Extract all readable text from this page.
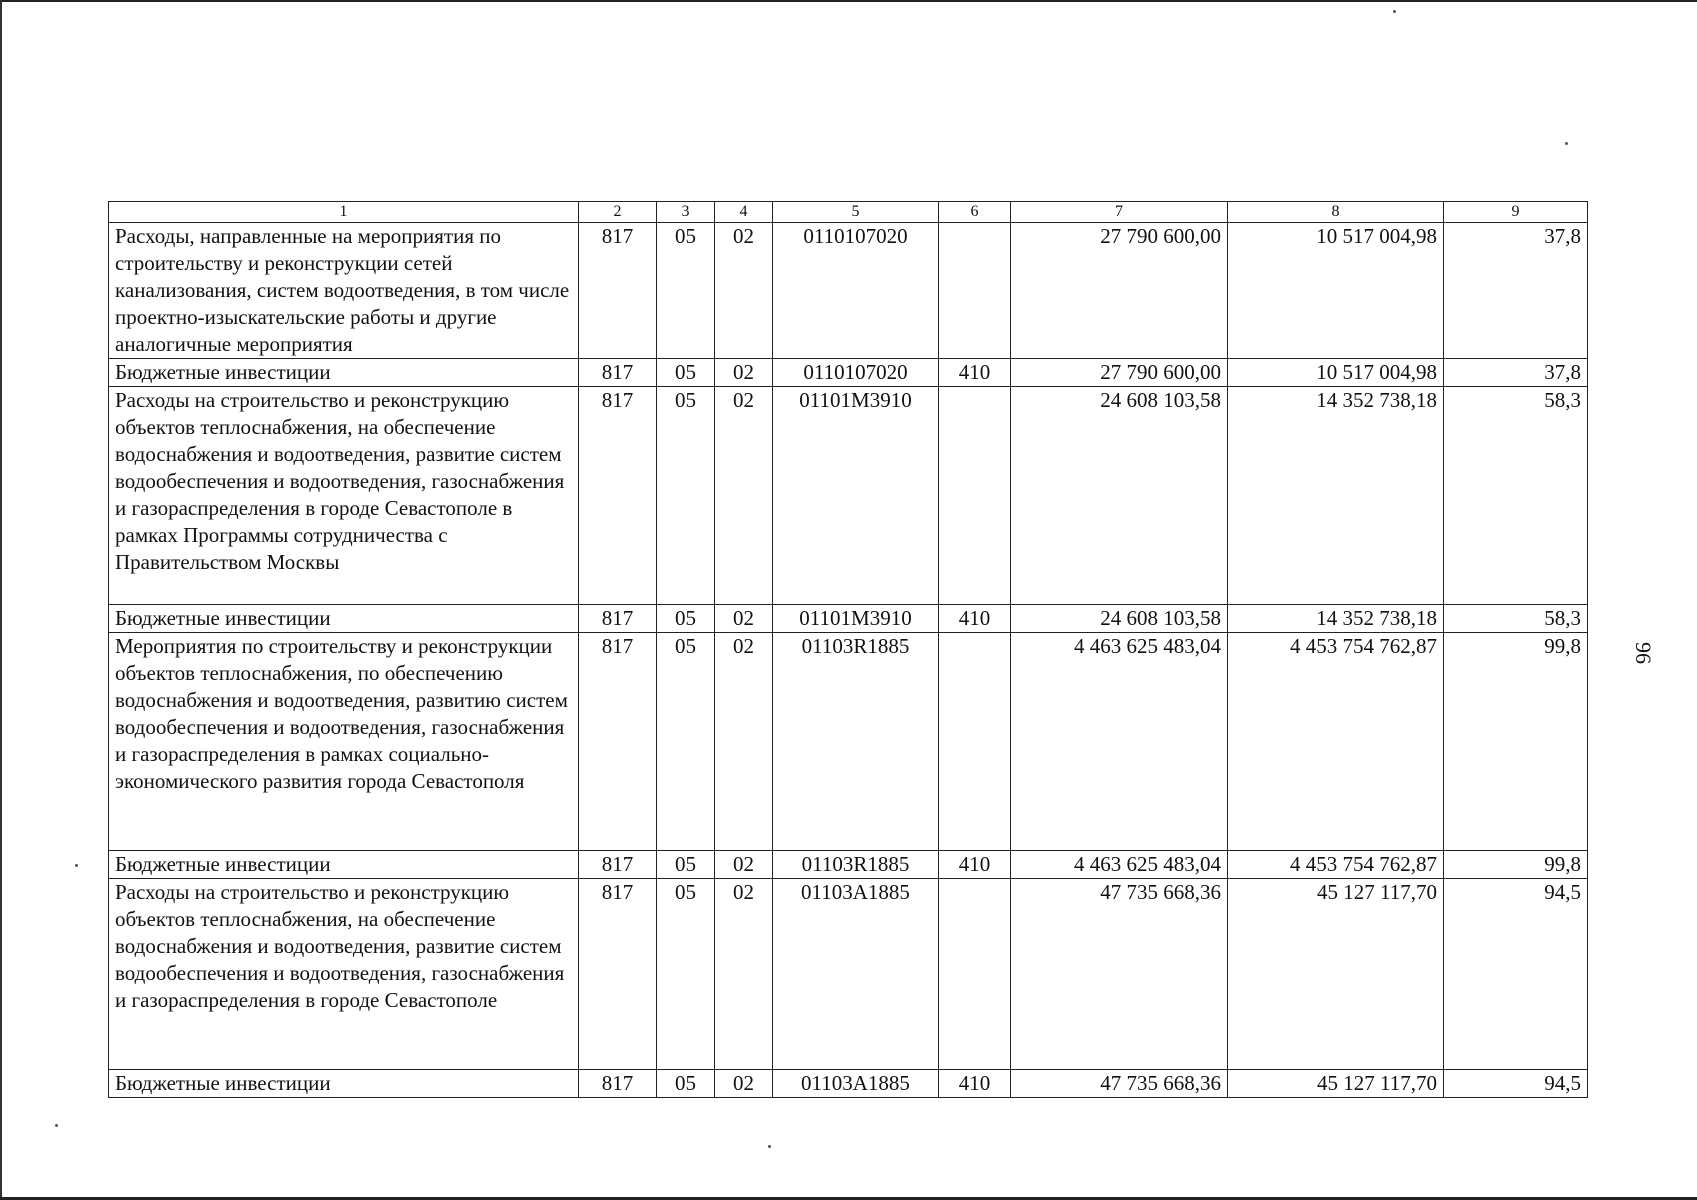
96
1	2	3	4	5	6	7	8	9
Расходы, направленные на мероприятия по строительству и реконструкции сетей канализования, систем водоотведения, в том числе проектно-изыскательские работы и другие аналогичные мероприятия	817	05	02	0110107020		27 790 600,00	10 517 004,98	37,8
Бюджетные инвестиции	817	05	02	0110107020	410	27 790 600,00	10 517 004,98	37,8
Расходы на строительство и реконструкцию объектов теплоснабжения, на обеспечение водоснабжения и водоотведения, развитие систем водообеспечения и водоотведения, газоснабжения и газораспределения в городе Севастополе в рамках Программы сотрудничества с Правительством Москвы	817	05	02	01101M3910		24 608 103,58	14 352 738,18	58,3
Бюджетные инвестиции	817	05	02	01101M3910	410	24 608 103,58	14 352 738,18	58,3
Мероприятия по строительству и реконструкции объектов теплоснабжения, по обеспечению водоснабжения и водоотведения, развитию систем водообеспечения и водоотведения, газоснабжения и газораспределения в рамках социально-экономического развития города Севастополя	817	05	02	01103R1885		4 463 625 483,04	4 453 754 762,87	99,8
Бюджетные инвестиции	817	05	02	01103R1885	410	4 463 625 483,04	4 453 754 762,87	99,8
Расходы на строительство и реконструкцию объектов теплоснабжения, на обеспечение водоснабжения и водоотведения, развитие систем водообеспечения и водоотведения, газоснабжения и газораспределения в городе Севастополе	817	05	02	01103A1885		47 735 668,36	45 127 117,70	94,5
Бюджетные инвестиции	817	05	02	01103A1885	410	47 735 668,36	45 127 117,70	94,5
